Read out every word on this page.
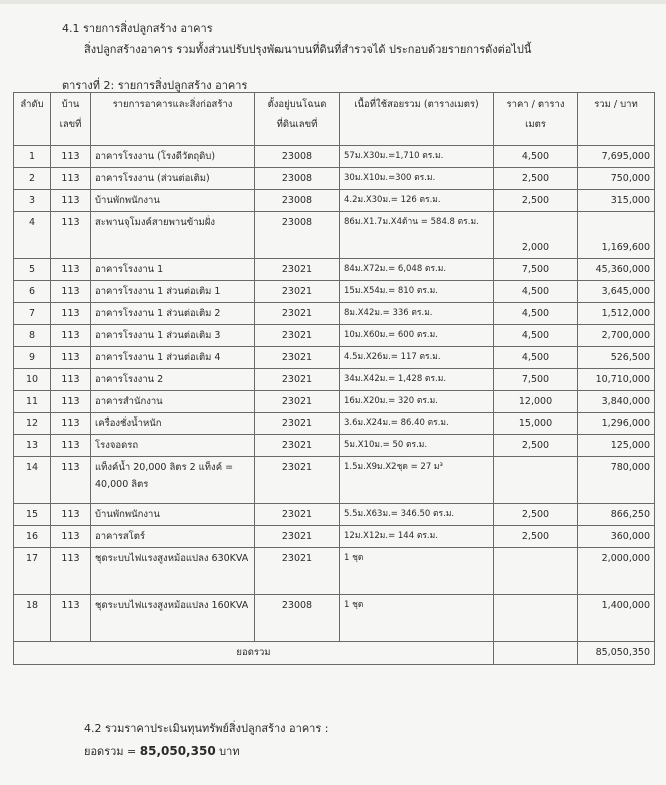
4.1 รายการสิ่งปลูกสร้าง อาคาร
สิ่งปลูกสร้างอาคาร รวมทั้งส่วนปรับปรุงพัฒนาบนที่ดินที่สำรวจได้ ประกอบด้วยรายการดังต่อไปนี้
ตารางที่ 2: รายการสิ่งปลูกสร้าง อาคาร
ลำดับ	บ้านเลขที่	รายการอาคารและสิ่งก่อสร้าง	ตั้งอยู่บนโฉนดที่ดินเลขที่	เนื้อที่ใช้สอยรวม (ตารางเมตร)	ราคา / ตารางเมตร	รวม / บาท
1	113	อาคารโรงงาน (โรงดีวัตถุดิบ)	23008	57ม.X30ม.=1,710 ตร.ม.	4,500	7,695,000
2	113	อาคารโรงงาน (ส่วนต่อเติม)	23008	30ม.X10ม.=300 ตร.ม.	2,500	750,000
3	113	บ้านพักพนักงาน	23008	4.2ม.X30ม.= 126 ตร.ม.	2,500	315,000
4	113	สะพานจุโมงค์สายพานข้ามฝั่ง	23008	86ม.X1.7ม.X4ด้าน = 584.8 ตร.ม.	2,000	1,169,600
5	113	อาคารโรงงาน 1	23021	84ม.X72ม.= 6,048 ตร.ม.	7,500	45,360,000
6	113	อาคารโรงงาน 1 ส่วนต่อเติม 1	23021	15ม.X54ม.= 810 ตร.ม.	4,500	3,645,000
7	113	อาคารโรงงาน 1 ส่วนต่อเติม 2	23021	8ม.X42ม.= 336 ตร.ม.	4,500	1,512,000
8	113	อาคารโรงงาน 1 ส่วนต่อเติม 3	23021	10ม.X60ม.= 600 ตร.ม.	4,500	2,700,000
9	113	อาคารโรงงาน 1 ส่วนต่อเติม 4	23021	4.5ม.X26ม.= 117 ตร.ม.	4,500	526,500
10	113	อาคารโรงงาน 2	23021	34ม.X42ม.= 1,428 ตร.ม.	7,500	10,710,000
11	113	อาคารสำนักงาน	23021	16ม.X20ม.= 320 ตร.ม.	12,000	3,840,000
12	113	เครื่องชั่งน้ำหนัก	23021	3.6ม.X24ม.= 86.40 ตร.ม.	15,000	1,296,000
13	113	โรงจอดรถ	23021	5ม.X10ม.= 50 ตร.ม.	2,500	125,000
14	113	แท็งค์น้ำ 20,000 ลิตร 2 แท็งค์ = 40,000 ลิตร	23021	1.5ม.X9ม.X2ชุด = 27 ม³		780,000
15	113	บ้านพักพนักงาน	23021	5.5ม.X63ม.= 346.50 ตร.ม.	2,500	866,250
16	113	อาคารสโตร์	23021	12ม.X12ม.= 144 ตร.ม.	2,500	360,000
17	113	ชุดระบบไฟแรงสูงหม้อแปลง 630KVA	23021	1 ชุด		2,000,000
18	113	ชุดระบบไฟแรงสูงหม้อแปลง 160KVA	23008	1 ชุด		1,400,000
ยอดรวม						85,050,350
4.2 รวมราคาประเมินทุนทรัพย์สิ่งปลูกสร้าง อาคาร :
ยอดรวม = 85,050,350 บาท
